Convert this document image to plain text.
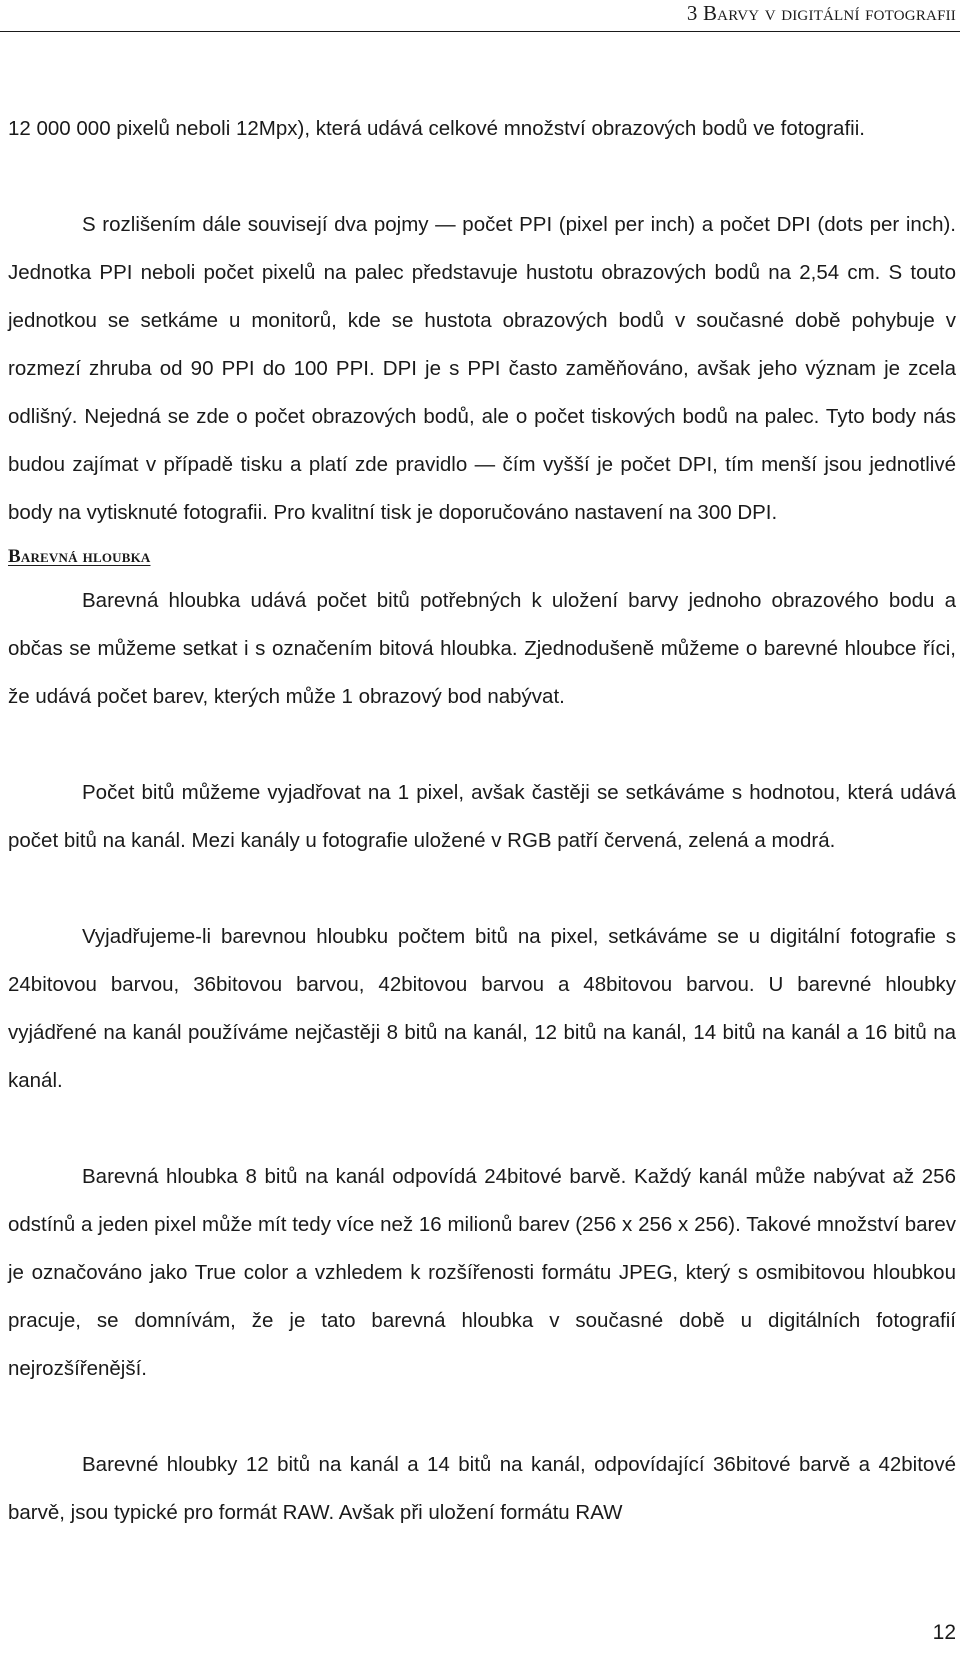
3 Barvy v digitální fotografii

12 000 000 pixelů neboli 12Mpx), která udává celkové množství obrazových bodů ve fotografii.

S rozlišením dále souvisejí dva pojmy — počet PPI (pixel per inch) a počet DPI (dots per inch). Jednotka PPI neboli počet pixelů na palec představuje hustotu obrazových bodů na 2,54 cm. S touto jednotkou se setkáme u monitorů, kde se hustota obrazových bodů v současné době pohybuje v rozmezí zhruba od 90 PPI do 100 PPI. DPI je s PPI často zaměňováno, avšak jeho význam je zcela odlišný. Nejedná se zde o počet obrazových bodů, ale o počet tiskových bodů na palec. Tyto body nás budou zajímat v případě tisku a platí zde pravidlo — čím vyšší je počet DPI, tím menší jsou jednotlivé body na vytisknuté fotografii. Pro kvalitní tisk je doporučováno nastavení na 300 DPI.

Barevná hloubka

Barevná hloubka udává počet bitů potřebných k uložení barvy jednoho obrazového bodu a občas se můžeme setkat i s označením bitová hloubka. Zjednodušeně můžeme o barevné hloubce říci, že udává počet barev, kterých může 1 obrazový bod nabývat.

Počet bitů můžeme vyjadřovat na 1 pixel, avšak častěji se setkáváme s hodnotou, která udává počet bitů na kanál. Mezi kanály u fotografie uložené v RGB patří červená, zelená a modrá.

Vyjadřujeme-li barevnou hloubku počtem bitů na pixel, setkáváme se u digitální fotografie s 24bitovou barvou, 36bitovou barvou, 42bitovou barvou a 48bitovou barvou. U barevné hloubky vyjádřené na kanál používáme nejčastěji 8 bitů na kanál, 12 bitů na kanál, 14 bitů na kanál a 16 bitů na kanál.

Barevná hloubka 8 bitů na kanál odpovídá 24bitové barvě. Každý kanál může nabývat až 256 odstínů a jeden pixel může mít tedy více než 16 milionů barev (256 x 256 x 256). Takové množství barev je označováno jako True color a vzhledem k rozšířenosti formátu JPEG, který s osmibitovou hloubkou pracuje, se domnívám, že je tato barevná hloubka v současné době u digitálních fotografií nejrozšířenější.

Barevné hloubky 12 bitů na kanál a 14 bitů na kanál, odpovídající 36bitové barvě a 42bitové barvě, jsou typické pro formát RAW. Avšak při uložení formátu RAW

12
